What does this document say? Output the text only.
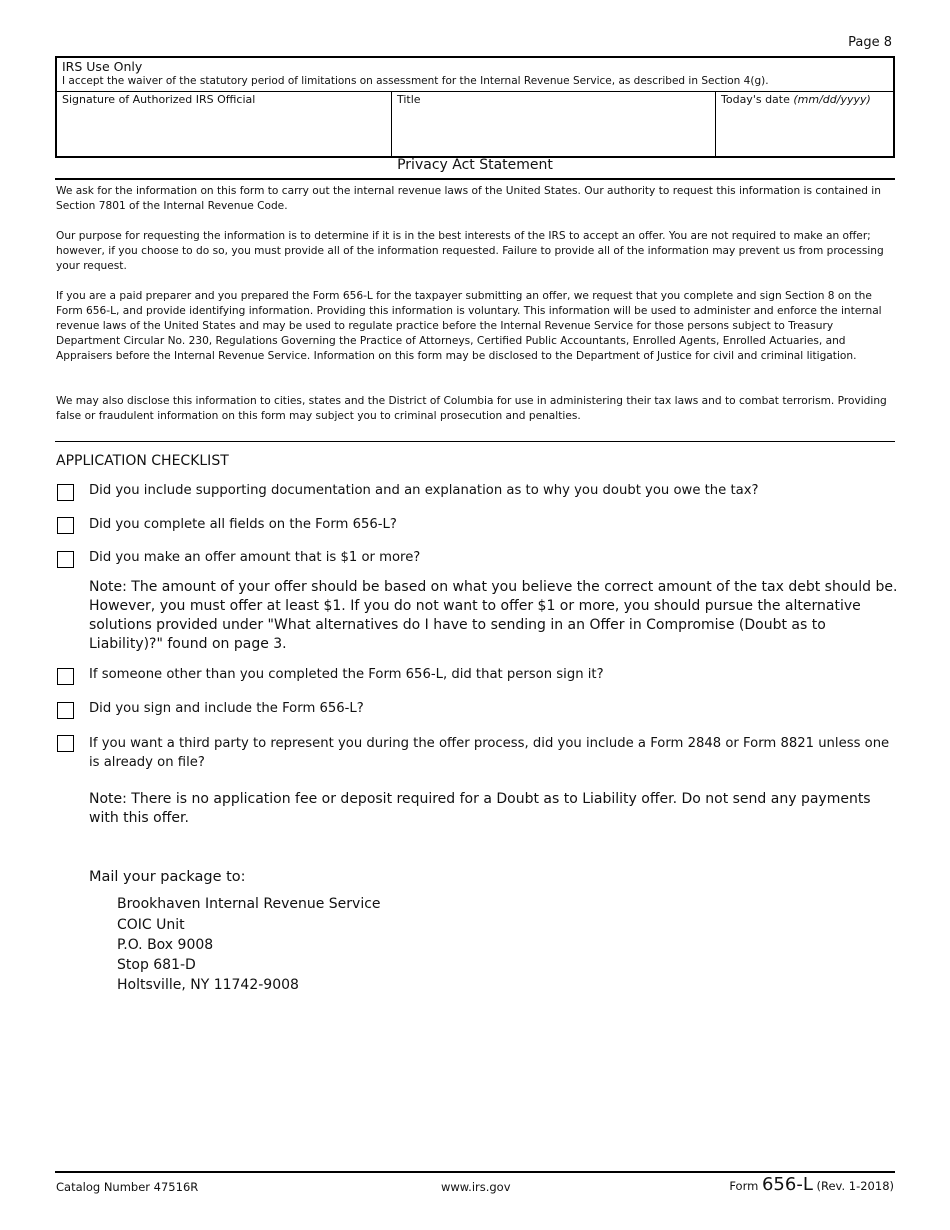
Page 8
IRS Use Only
I accept the waiver of the statutory period of limitations on assessment for the Internal Revenue Service, as described in Section 4(g).
Signature of Authorized IRS Official	Title	Today's date (mm/dd/yyyy)
Privacy Act Statement
We ask for the information on this form to carry out the internal revenue laws of the United States. Our authority to request this information is contained in Section 7801 of the Internal Revenue Code.
Our purpose for requesting the information is to determine if it is in the best interests of the IRS to accept an offer. You are not required to make an offer; however, if you choose to do so, you must provide all of the information requested. Failure to provide all of the information may prevent us from processing your request.
If you are a paid preparer and you prepared the Form 656-L for the taxpayer submitting an offer, we request that you complete and sign Section 8 on the Form 656-L, and provide identifying information. Providing this information is voluntary. This information will be used to administer and enforce the internal revenue laws of the United States and may be used to regulate practice before the Internal Revenue Service for those persons subject to Treasury Department Circular No. 230, Regulations Governing the Practice of Attorneys, Certified Public Accountants, Enrolled Agents, Enrolled Actuaries, and Appraisers before the Internal Revenue Service. Information on this form may be disclosed to the Department of Justice for civil and criminal litigation.
We may also disclose this information to cities, states and the District of Columbia for use in administering their tax laws and to combat terrorism. Providing false or fraudulent information on this form may subject you to criminal prosecution and penalties.
APPLICATION CHECKLIST
Did you include supporting documentation and an explanation as to why you doubt you owe the tax?
Did you complete all fields on the Form 656-L?
Did you make an offer amount that is $1 or more?
Note: The amount of your offer should be based on what you believe the correct amount of the tax debt should be. However, you must offer at least $1. If you do not want to offer $1 or more, you should pursue the alternative solutions provided under "What alternatives do I have to sending in an Offer in Compromise (Doubt as to Liability)?" found on page 3.
If someone other than you completed the Form 656-L, did that person sign it?
Did you sign and include the Form 656-L?
If you want a third party to represent you during the offer process, did you include a Form 2848 or Form 8821 unless one is already on file?
Note: There is no application fee or deposit required for a Doubt as to Liability offer. Do not send any payments with this offer.
Mail your package to:
Brookhaven Internal Revenue Service
COIC Unit
P.O. Box 9008
Stop 681-D
Holtsville, NY 11742-9008
Catalog Number 47516R	www.irs.gov	Form 656-L (Rev. 1-2018)
